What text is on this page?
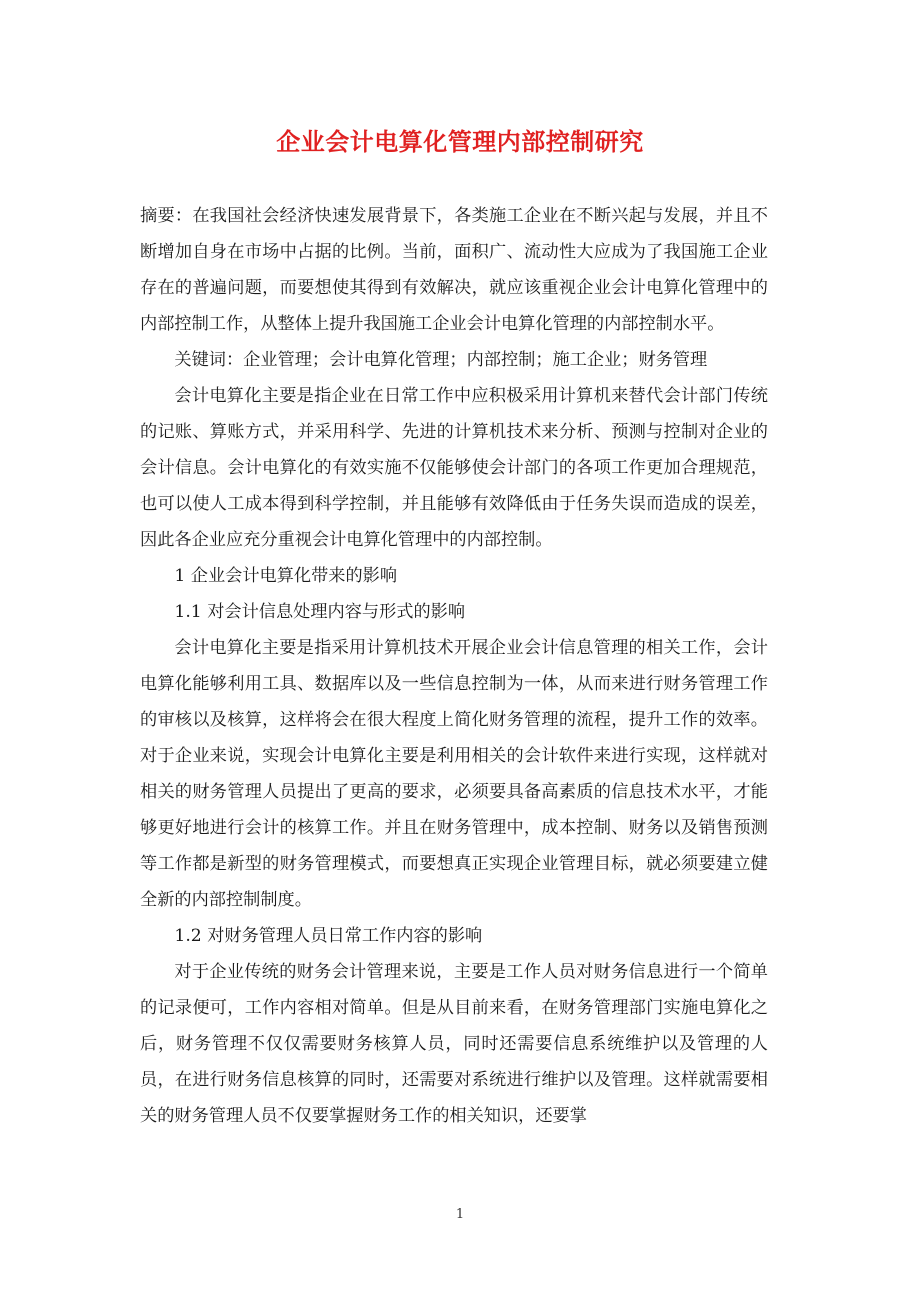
企业会计电算化管理内部控制研究

摘要：在我国社会经济快速发展背景下，各类施工企业在不断兴起与发展，并且不断增加自身在市场中占据的比例。当前，面积广、流动性大应成为了我国施工企业存在的普遍问题，而要想使其得到有效解决，就应该重视企业会计电算化管理中的内部控制工作，从整体上提升我国施工企业会计电算化管理的内部控制水平。

关键词：企业管理；会计电算化管理；内部控制；施工企业；财务管理

会计电算化主要是指企业在日常工作中应积极采用计算机来替代会计部门传统的记账、算账方式，并采用科学、先进的计算机技术来分析、预测与控制对企业的会计信息。会计电算化的有效实施不仅能够使会计部门的各项工作更加合理规范，也可以使人工成本得到科学控制，并且能够有效降低由于任务失误而造成的误差，因此各企业应充分重视会计电算化管理中的内部控制。

1 企业会计电算化带来的影响

1.1 对会计信息处理内容与形式的影响

会计电算化主要是指采用计算机技术开展企业会计信息管理的相关工作，会计电算化能够利用工具、数据库以及一些信息控制为一体，从而来进行财务管理工作的审核以及核算，这样将会在很大程度上简化财务管理的流程，提升工作的效率。对于企业来说，实现会计电算化主要是利用相关的会计软件来进行实现，这样就对相关的财务管理人员提出了更高的要求，必须要具备高素质的信息技术水平，才能够更好地进行会计的核算工作。并且在财务管理中，成本控制、财务以及销售预测等工作都是新型的财务管理模式，而要想真正实现企业管理目标，就必须要建立健全新的内部控制制度。

1.2 对财务管理人员日常工作内容的影响

对于企业传统的财务会计管理来说，主要是工作人员对财务信息进行一个简单的记录便可，工作内容相对简单。但是从目前来看，在财务管理部门实施电算化之后，财务管理不仅仅需要财务核算人员，同时还需要信息系统维护以及管理的人员，在进行财务信息核算的同时，还需要对系统进行维护以及管理。这样就需要相关的财务管理人员不仅要掌握财务工作的相关知识，还要掌

1
